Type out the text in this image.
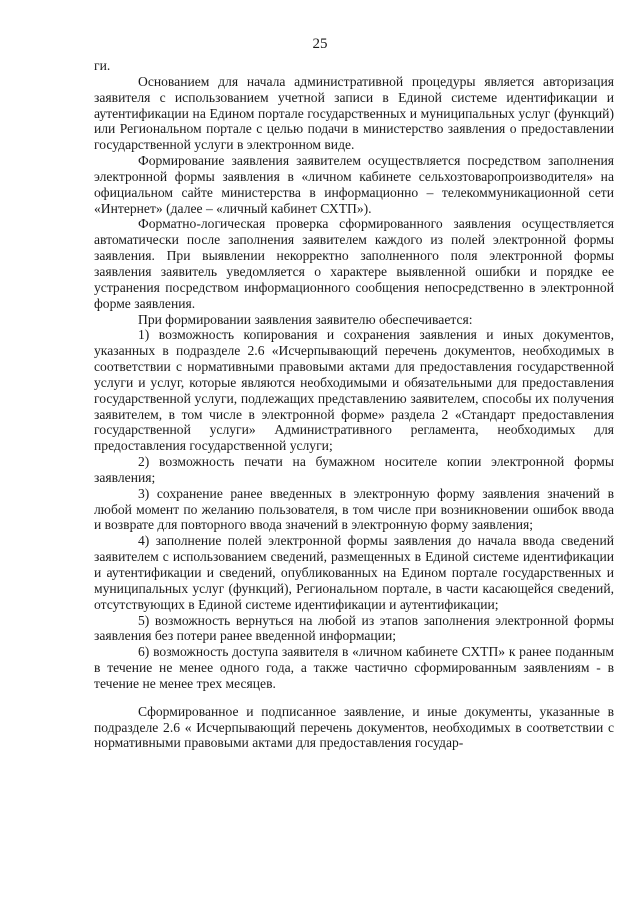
25

ги.

Основанием для начала административной процедуры является авторизация заявителя с использованием учетной записи в Единой системе идентификации и аутентификации на Едином портале государственных и муниципальных услуг (функций) или Региональном портале с целью подачи в министерство заявления о предоставлении государственной услуги в электронном виде.

Формирование заявления заявителем осуществляется посредством заполнения электронной формы заявления в «личном кабинете сельхозтоваропроизводителя» на официальном сайте министерства в информационно – телекоммуникационной сети «Интернет» (далее – «личный кабинет СХТП»).

Форматно-логическая проверка сформированного заявления осуществляется автоматически после заполнения заявителем каждого из полей электронной формы заявления. При выявлении некорректно заполненного поля электронной формы заявления заявитель уведомляется о характере выявленной ошибки и порядке ее устранения посредством информационного сообщения непосредственно в электронной форме заявления.

При формировании заявления заявителю обеспечивается:

1) возможность копирования и сохранения заявления и иных документов, указанных в подразделе 2.6 «Исчерпывающий перечень документов, необходимых в соответствии с нормативными правовыми актами для предоставления государственной услуги и услуг, которые являются необходимыми и обязательными для предоставления государственной услуги, подлежащих представлению заявителем, способы их получения заявителем, в том числе в электронной форме» раздела 2 «Стандарт предоставления государственной услуги» Административного регламента, необходимых для предоставления государственной услуги;

2) возможность печати на бумажном носителе копии электронной формы заявления;

3) сохранение ранее введенных в электронную форму заявления значений в любой момент по желанию пользователя, в том числе при возникновении ошибок ввода и возврате для повторного ввода значений в электронную форму заявления;

4) заполнение полей электронной формы заявления до начала ввода сведений заявителем с использованием сведений, размещенных в Единой системе идентификации и аутентификации и сведений, опубликованных на Едином портале государственных и муниципальных услуг (функций), Региональном портале, в части касающейся сведений, отсутствующих в Единой системе идентификации и аутентификации;

5) возможность вернуться на любой из этапов заполнения электронной формы заявления без потери ранее введенной информации;

6) возможность доступа заявителя в «личном кабинете СХТП» к ранее поданным в течение не менее одного года, а также частично сформированным заявлениям - в течение не менее трех месяцев.

Сформированное и подписанное заявление, и иные документы, указанные в подразделе 2.6 « Исчерпывающий перечень документов, необходимых в соответствии с нормативными правовыми актами для предоставления государ-
